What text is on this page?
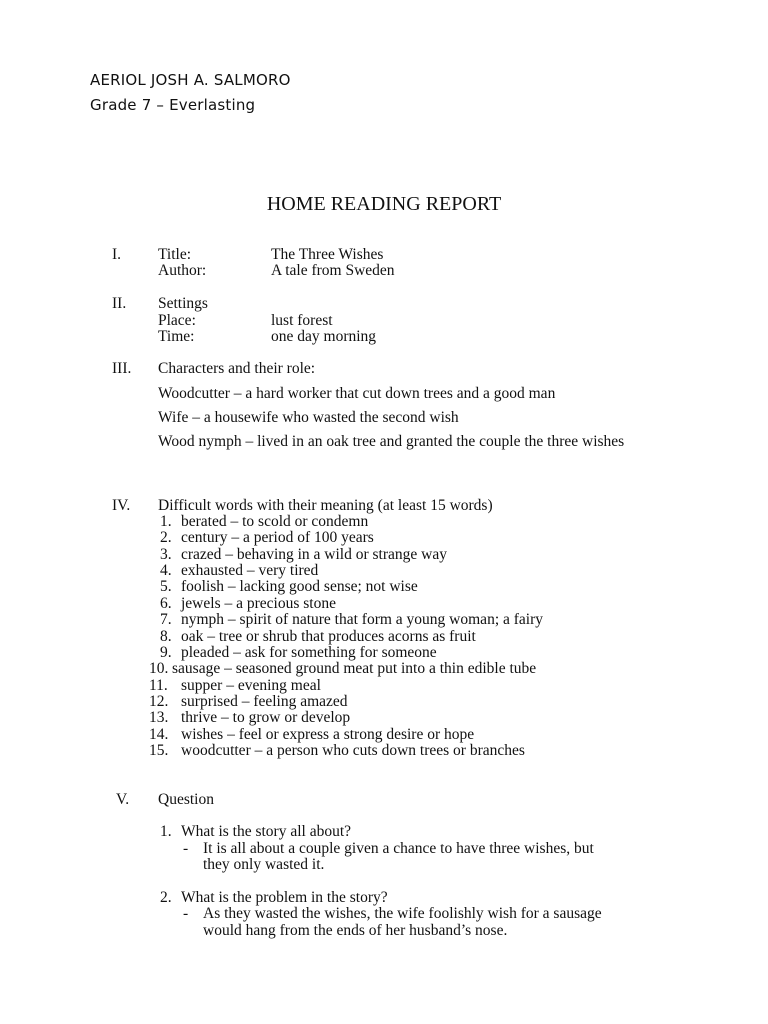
AERIOL JOSH A. SALMORO
Grade 7 – Everlasting
HOME READING REPORT
I. Title:	The Three Wishes
Author:	A tale from Sweden
II. Settings
Place:	lust forest
Time:	one day morning
III. Characters and their role:
Woodcutter – a hard worker that cut down trees and a good man
Wife – a housewife who wasted the second wish
Wood nymph – lived in an oak tree and granted the couple the three wishes
IV. Difficult words with their meaning (at least 15 words)
1. berated – to scold or condemn
2. century – a period of 100 years
3. crazed – behaving in a wild or strange way
4. exhausted – very tired
5. foolish – lacking good sense; not wise
6. jewels – a precious stone
7. nymph – spirit of nature that form a young woman; a fairy
8. oak – tree or shrub that produces acorns as fruit
9. pleaded – ask for something for someone
10. sausage – seasoned ground meat put into a thin edible tube
11. supper – evening meal
12. surprised – feeling amazed
13. thrive – to grow or develop
14. wishes – feel or express a strong desire or hope
15. woodcutter – a person who cuts down trees or branches
V. Question
1. What is the story all about?
- It is all about a couple given a chance to have three wishes, but
they only wasted it.
2. What is the problem in the story?
- As they wasted the wishes, the wife foolishly wish for a sausage
would hang from the ends of her husband’s nose.
